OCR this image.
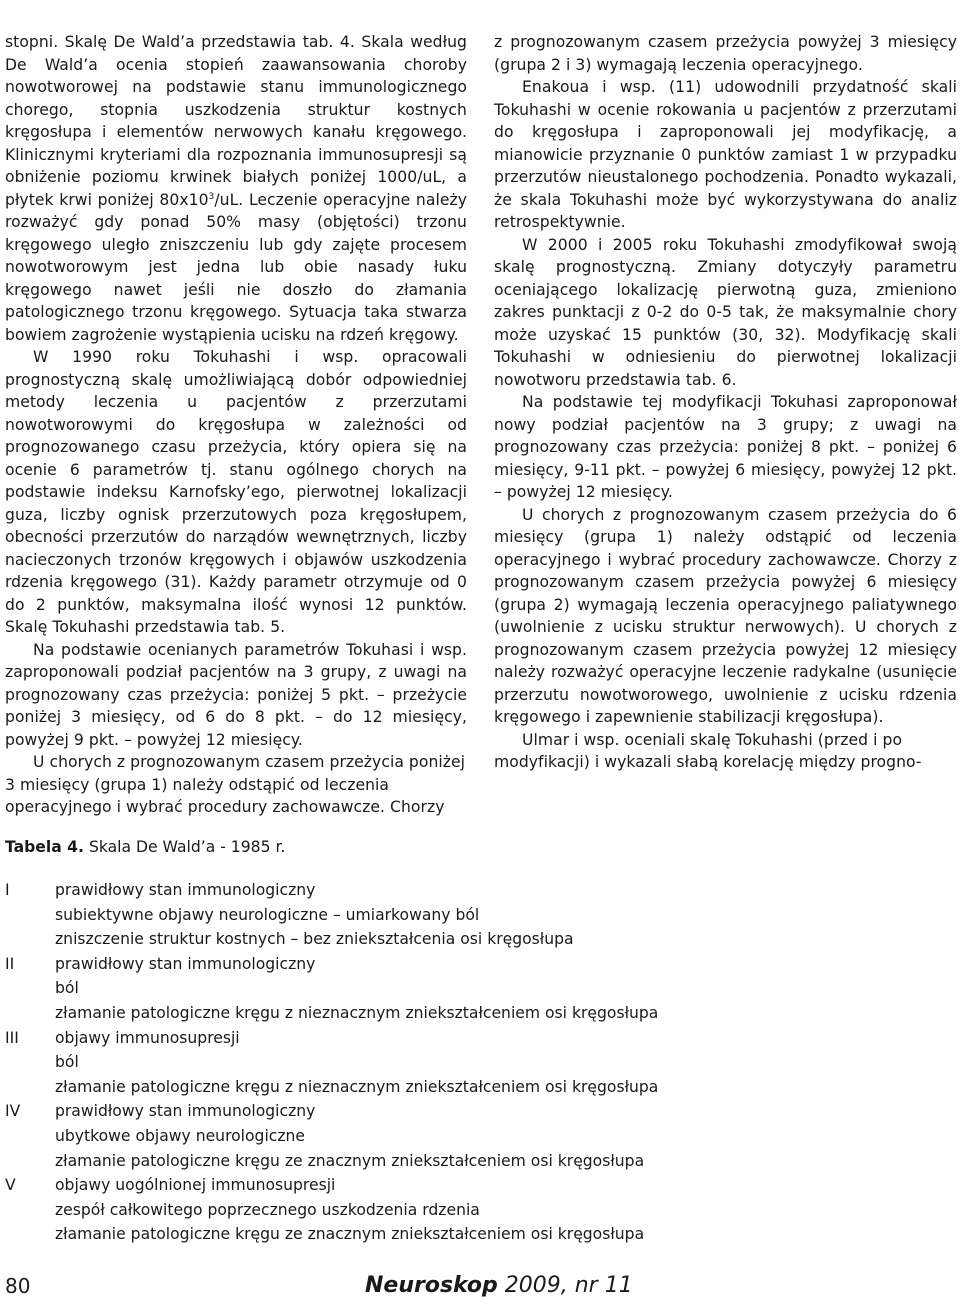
stopni. Skalę De Wald’a przedstawia tab. 4. Skala według De Wald’a ocenia stopień zaawansowania choroby nowotworowej na podstawie stanu immunologicznego chorego, stopnia uszkodzenia struktur kostnych kręgosłupa i elementów nerwowych kanału kręgowego. Klinicznymi kryteriami dla rozpoznania immunosupresji są obniżenie poziomu krwinek białych poniżej 1000/uL, a płytek krwi poniżej $80x10^3/uL$. Leczenie operacyjne należy rozważyć gdy ponad 50% masy (objętości) trzonu kręgowego uległo zniszczeniu lub gdy zajęte procesem nowotworowym jest jedna lub obie nasady łuku kręgowego nawet jeśli nie doszło do złamania patologicznego trzonu kręgowego. Sytuacja taka stwarza bowiem zagrożenie wystąpienia ucisku na rdzeń kręgowy.

W 1990 roku Tokuhashi i wsp. opracowali prognostyczną skalę umożliwiającą dobór odpowiedniej metody leczenia u pacjentów z przerzutami nowotworowymi do kręgosłupa w zależności od prognozowanego czasu przeżycia, który opiera się na ocenie 6 parametrów tj. stanu ogólnego chorych na podstawie indeksu Karnofsky’ego, pierwotnej lokalizacji guza, liczby ognisk przerzutowych poza kręgosłupem, obecności przerzutów do narządów wewnętrznych, liczby nacieczonych trzonów kręgowych i objawów uszkodzenia rdzenia kręgowego (31). Każdy parametr otrzymuje od 0 do 2 punktów, maksymalna ilość wynosi 12 punktów. Skalę Tokuhashi przedstawia tab. 5.

Na podstawie ocenianych parametrów Tokuhasi i wsp. zaproponowali podział pacjentów na 3 grupy, z uwagi na prognozowany czas przeżycia: poniżej 5 pkt. – przeżycie poniżej 3 miesięcy, od 6 do 8 pkt. – do 12 miesięcy, powyżej 9 pkt. – powyżej 12 miesięcy.

U chorych z prognozowanym czasem przeżycia poniżej 3 miesięcy (grupa 1) należy odstąpić od leczenia operacyjnego i wybrać procedury zachowawcze. Chorzy

z prognozowanym czasem przeżycia powyżej 3 miesięcy (grupa 2 i 3) wymagają leczenia operacyjnego.

Enakoua i wsp. (11) udowodnili przydatność skali Tokuhashi w ocenie rokowania u pacjentów z przerzutami do kręgosłupa i zaproponowali jej modyfikację, a mianowicie przyznanie 0 punktów zamiast 1 w przypadku przerzutów nieustalonego pochodzenia. Ponadto wykazali, że skala Tokuhashi może być wykorzystywana do analiz retrospektywnie.

W 2000 i 2005 roku Tokuhashi zmodyfikował swoją skalę prognostyczną. Zmiany dotyczyły parametru oceniającego lokalizację pierwotną guza, zmieniono zakres punktacji z 0-2 do 0-5 tak, że maksymalnie chory może uzyskać 15 punktów (30, 32). Modyfikację skali Tokuhashi w odniesieniu do pierwotnej lokalizacji nowotworu przedstawia tab. 6.

Na podstawie tej modyfikacji Tokuhasi zaproponował nowy podział pacjentów na 3 grupy; z uwagi na prognozowany czas przeżycia: poniżej 8 pkt. – poniżej 6 miesięcy, 9-11 pkt. – powyżej 6 miesięcy, powyżej 12 pkt. – powyżej 12 miesięcy.

U chorych z prognozowanym czasem przeżycia do 6 miesięcy (grupa 1) należy odstąpić od leczenia operacyjnego i wybrać procedury zachowawcze. Chorzy z prognozowanym czasem przeżycia powyżej 6 miesięcy (grupa 2) wymagają leczenia operacyjnego paliatywnego (uwolnienie z ucisku struktur nerwowych). U chorych z prognozowanym czasem przeżycia powyżej 12 miesięcy należy rozważyć operacyjne leczenie radykalne (usunięcie przerzutu nowotworowego, uwolnienie z ucisku rdzenia kręgowego i zapewnienie stabilizacji kręgosłupa).

Ulmar i wsp. oceniali skalę Tokuhashi (przed i po modyfikacji) i wykazali słabą korelację między progno-

Tabela 4. Skala De Wald’a - 1985 r.
I	prawidłowy stan immunologiczny
subiektywne objawy neurologiczne – umiarkowany ból
zniszczenie struktur kostnych – bez zniekształcenia osi kręgosłupa
II	prawidłowy stan immunologiczny
ból
złamanie patologiczne kręgu z nieznacznym zniekształceniem osi kręgosłupa
III	objawy immunosupresji
ból
złamanie patologiczne kręgu z nieznacznym zniekształceniem osi kręgosłupa
IV	prawidłowy stan immunologiczny
ubytkowe objawy neurologiczne
złamanie patologiczne kręgu ze znacznym zniekształceniem osi kręgosłupa
V	objawy uogólnionej immunosupresji
zespół całkowitego poprzecznego uszkodzenia rdzenia
złamanie patologiczne kręgu ze znacznym zniekształceniem osi kręgosłupa
80	Neuroskop 2009, nr 11
